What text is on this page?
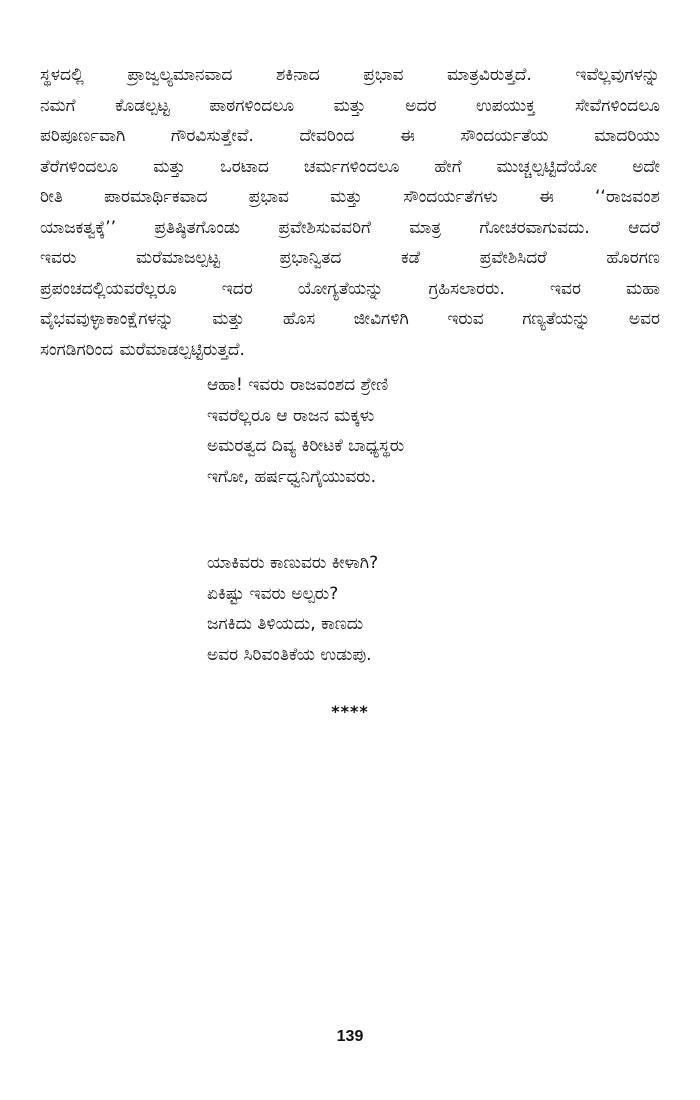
ಸ್ಥಳದಲ್ಲಿ ಪ್ರಾಜ್ವಲ್ಯಮಾನವಾದ ಶಕಿನಾದ ಪ್ರಭಾವ ಮಾತ್ರವಿರುತ್ತದೆ. ಇವೆಲ್ಲವುಗಳನ್ನು
ನಮಗೆ ಕೊಡಲ್ಪಟ್ಟ ಪಾಠಗಳಿಂದಲೂ ಮತ್ತು ಅದರ ಉಪಯುಕ್ತ ಸೇವೆಗಳಿಂದಲೂ
ಪರಿಪೂರ್ಣವಾಗಿ ಗೌರವಿಸುತ್ತೇವೆ. ದೇವರಿಂದ ಈ ಸೌಂದರ್ಯತೆಯ ಮಾದರಿಯು
ತೆರೆಗಳಿಂದಲೂ ಮತ್ತು ಒರಟಾದ ಚರ್ಮಗಳಿಂದಲೂ ಹೇಗೆ ಮುಚ್ಚಲ್ಪಟ್ಟಿದೆಯೋ ಅದೇ
ರೀತಿ ಪಾರಮಾರ್ಥಿಕವಾದ ಪ್ರಭಾವ ಮತ್ತು ಸೌಂದರ್ಯತೆಗಳು ಈ ‘‘ರಾಜವಂಶ
ಯಾಜಕತ್ವಕ್ಕೆ’’ ಪ್ರತಿಷ್ಠಿತಗೊಂಡು ಪ್ರವೇಶಿಸುವವರಿಗೆ ಮಾತ್ರ ಗೋಚರವಾಗುವದು. ಆದರೆ
ಇವರು ಮರೆಮಾಜಲ್ಪಟ್ಟ ಪ್ರಭಾನ್ವಿತದ ಕಡೆ ಪ್ರವೇಶಿಸಿದರೆ ಹೊರಗಣ
ಪ್ರಪಂಚದಲ್ಲಿಯವರೆಲ್ಲರೂ ಇದರ ಯೋಗ್ಯತೆಯನ್ನು ಗ್ರಹಿಸಲಾರರು. ಇವರ ಮಹಾ
ವೈಭವವುಳ್ಳಾಕಾಂಕ್ಷೆಗಳನ್ನು ಮತ್ತು ಹೊಸ ಜೀವಿಗಳಿಗಿ ಇರುವ ಗಣ್ಯತೆಯನ್ನು ಅವರ
ಸಂಗಡಿಗರಿಂದ ಮರೆಮಾಡಲ್ಪಟ್ಟಿರುತ್ತದೆ.
ಆಹಾ! ಇವರು ರಾಜವಂಶದ ಶ್ರೇಣಿ
ಇವರೆಲ್ಲರೂ ಆ ರಾಜನ ಮಕ್ಕಳು
ಅಮರತ್ವದ ದಿವ್ಯ ಕಿರೀಟಕೆ ಬಾಧ್ಯಸ್ಥರು
ಇಗೋ, ಹರ್ಷಧ್ವನಿಗೈಯುವರು.
ಯಾಕಿವರು ಕಾಣುವರು ಕೀಳಾಗಿ?
ಏಕಿಷ್ಟು ಇವರು ಅಲ್ಪರು?
ಜಗಕಿದು ತಿಳಿಯದು, ಕಾಣದು
ಅವರ ಸಿರಿವಂತಿಕೆಯ ಉಡುಪು.
****
139
